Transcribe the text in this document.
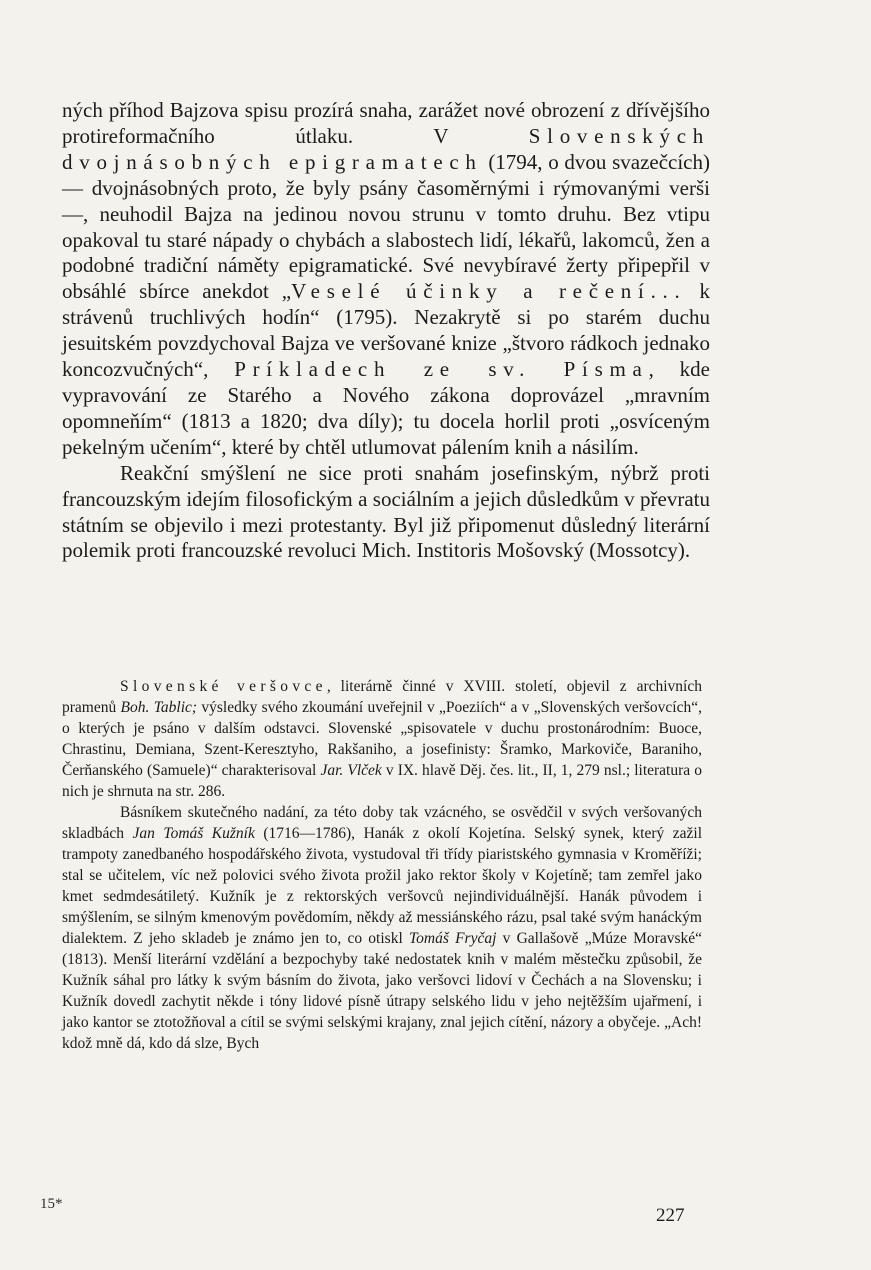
ných příhod Bajzova spisu prozírá snaha, zarážet nové obrození z dřívějšího protireformačního útlaku. V Slovenských dvojnásobných epigramatech (1794, o dvou svazečcích) — dvojnásobných proto, že byly psány časoměrnými i rýmovanými verši —, neuhodil Bajza na jedinou novou strunu v tomto druhu. Bez vtipu opakoval tu staré nápady o chybách a slabostech lidí, lékařů, lakomců, žen a podobné tradiční náměty epigramatické. Své nevybíravé žerty připepřil v obsáhlé sbírce anekdot „Veselé účinky a rečení... k strávenů truchlivých hodín“ (1795). Nezakrytě si po starém duchu jesuitském povzdychoval Bajza ve veršované knize „štvoro rádkoch jednako koncozvučných“, Príkladech ze sv. Písma, kde vypravování ze Starého a Nového zákona doprovázel „mravním opomneňím“ (1813 a 1820; dva díly); tu docela horlil proti „osvíceným pekelným učením“, které by chtěl utlumovat pálením knih a násilím.

Reakční smýšlení ne sice proti snahám josefinským, nýbrž proti francouzským idejím filosofickým a sociálním a jejich důsledkům v převratu státním se objevilo i mezi protestanty. Byl již připomenut důsledný literární polemik proti francouzské revoluci Mich. Institoris Mošovský (Mossotcy).

Slovenské veršovce, literárně činné v XVIII. století, objevil z archivních pramenů Boh. Tablic; výsledky svého zkoumání uveřejnil v „Poeziích“ a v „Slovenských veršovcích“, o kterých je psáno v dalším odstavci. Slovenské „spisovatele v duchu prostonárodním: Buoce, Chrastinu, Demiana, Szent-Keresztyho, Rakšaniho, a josefinisty: Šramko, Markoviče, Baraniho, Čerňanského (Samuele)“ charakterisoval Jar. Vlček v IX. hlavě Děj. čes. lit., II, 1, 279 nsl.; literatura o nich je shrnuta na str. 286.

Básníkem skutečného nadání, za této doby tak vzácného, se osvědčil v svých veršovaných skladbách Jan Tomáš Kužník (1716—1786), Hanák z okolí Kojetína. Selský synek, který zažil trampoty zanedbaného hospodářského života, vystudoval tři třídy piaristského gymnasia v Kroměříži; stal se učitelem, víc než polovici svého života prožil jako rektor školy v Kojetíně; tam zemřel jako kmet sedmdesátiletý. Kužník je z rektorských veršovců nejindividuálnější. Hanák původem i smýšlením, se silným kmenovým povědomím, někdy až messiánského rázu, psal také svým hanáckým dialektem. Z jeho skladeb je známo jen to, co otiskl Tomáš Fryčaj v Gallašově „Múze Moravské“ (1813). Menší literární vzdělání a bezpochyby také nedostatek knih v malém městečku způsobil, že Kužník sáhal pro látky k svým básním do života, jako veršovci lidoví v Čechách a na Slovensku; i Kužník dovedl zachytit někde i tóny lidové písně útrapy selského lidu v jeho nejtěžším ujařmení, i jako kantor se ztotožňoval a cítil se svými selskými krajany, znal jejich cítění, názory a obyčeje. „Ach! kdož mně dá, kdo dá slze, Bych

15*
227
